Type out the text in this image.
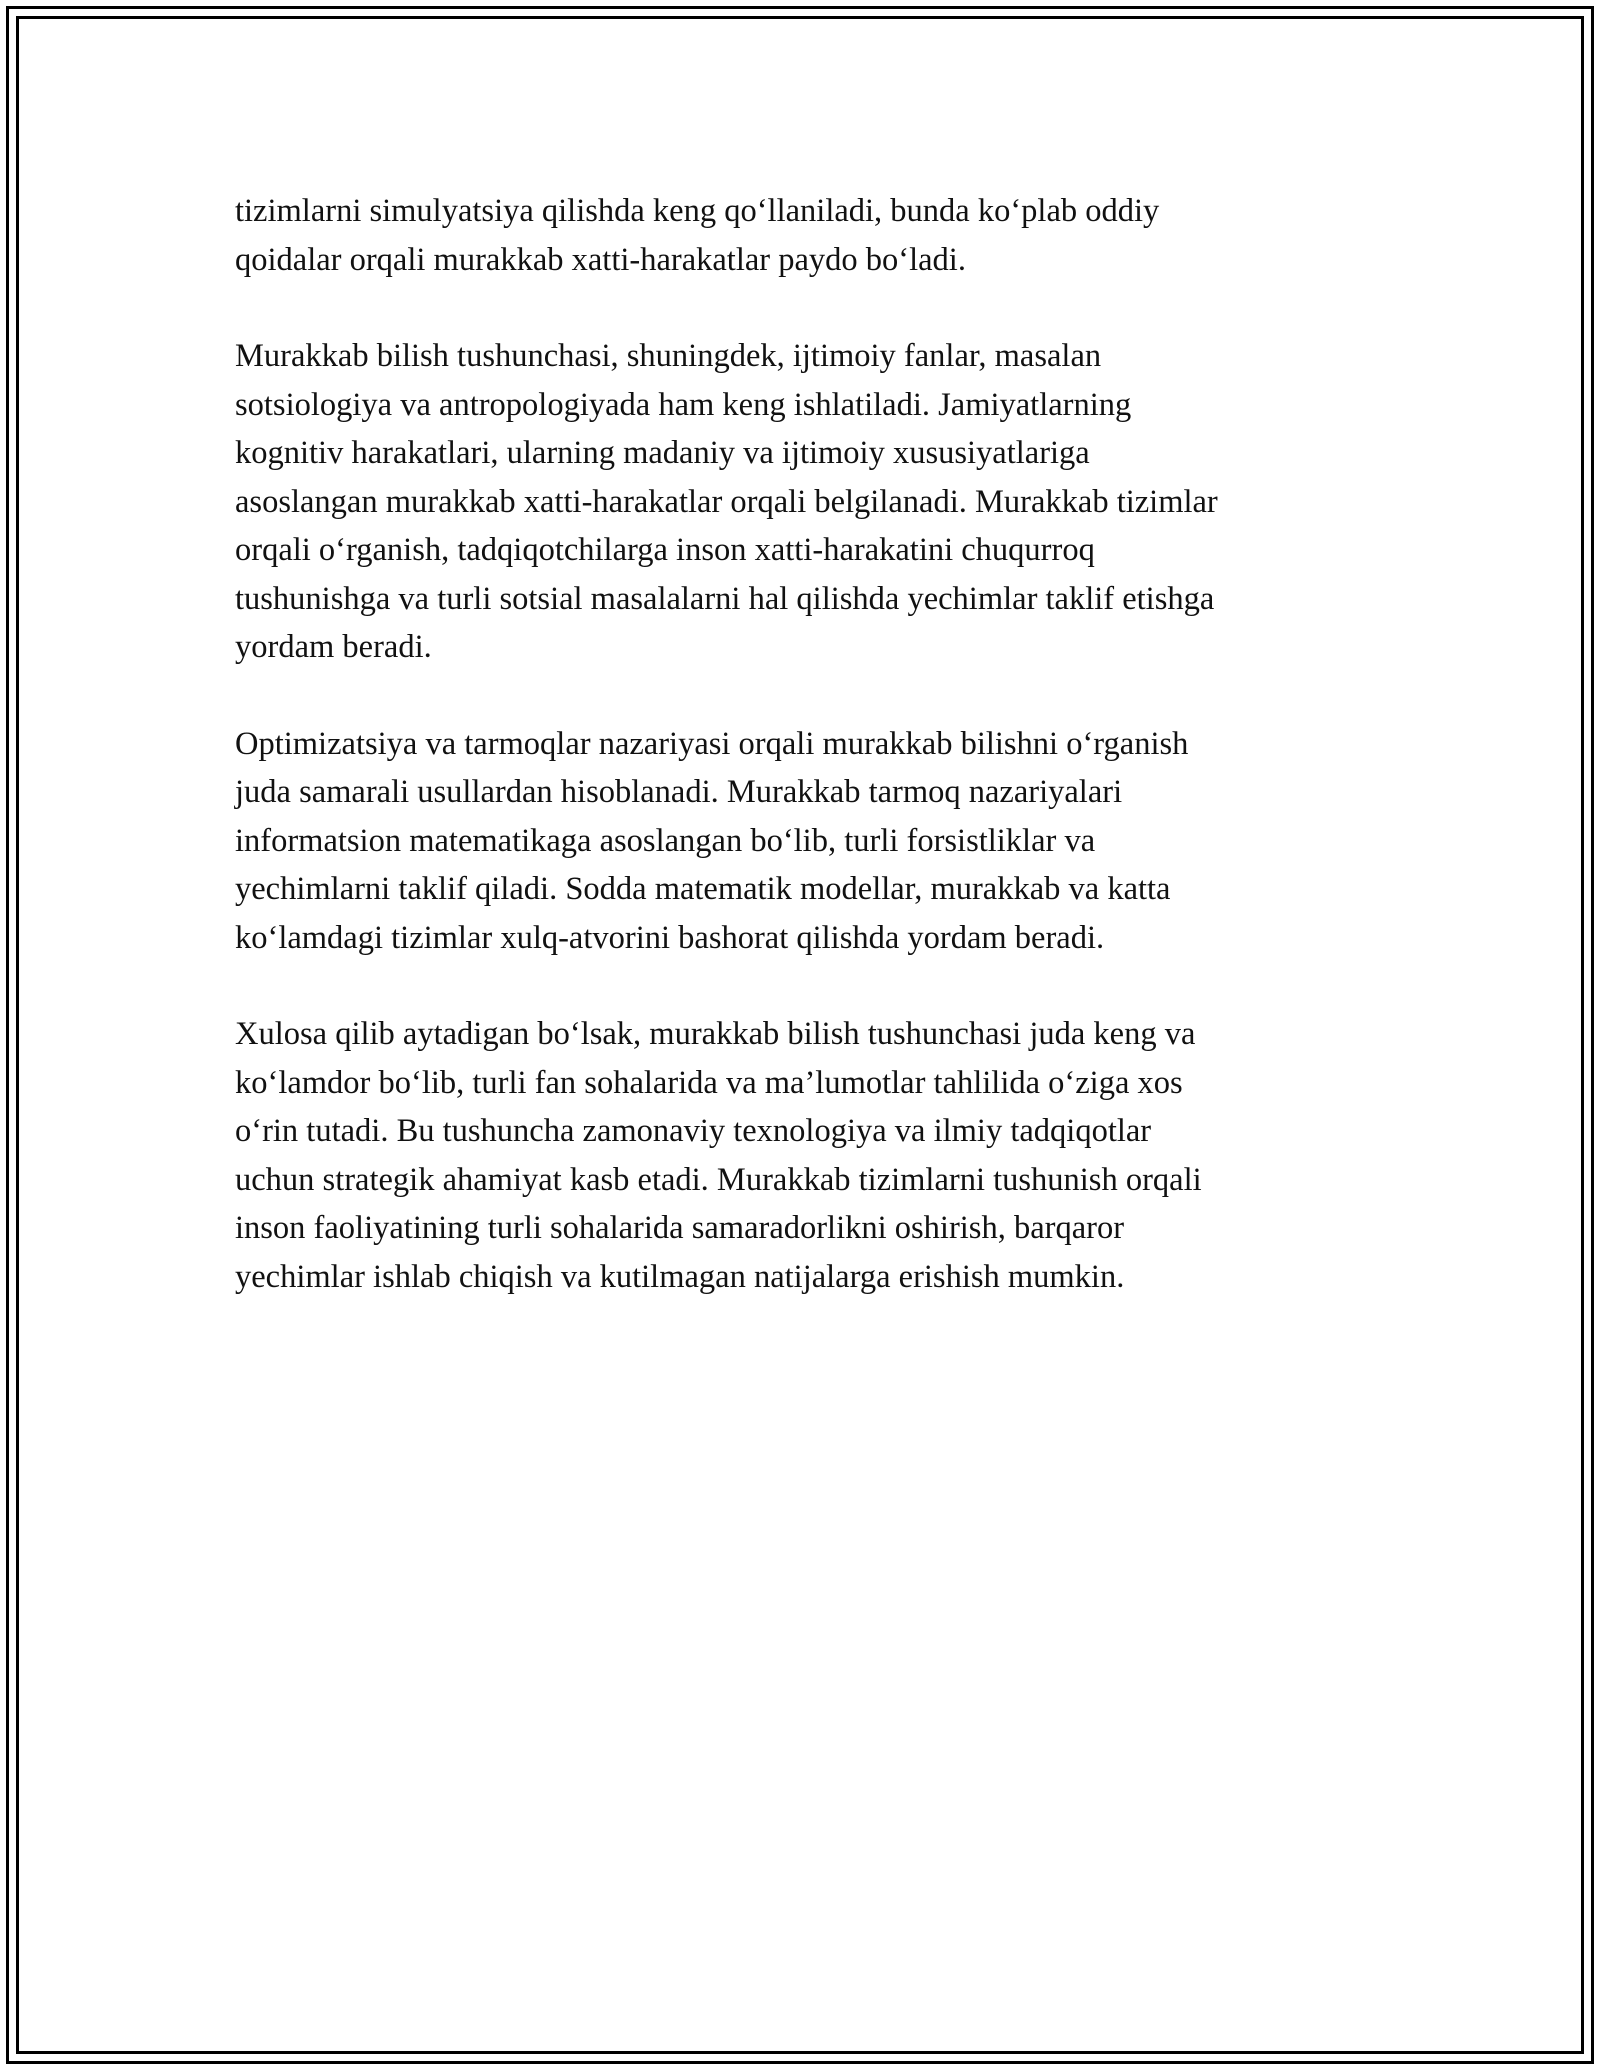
tizimlarni simulyatsiya qilishda keng qo‘llaniladi, bunda ko‘plab oddiy
qoidalar orqali murakkab xatti-harakatlar paydo bo‘ladi.

Murakkab bilish tushunchasi, shuningdek, ijtimoiy fanlar, masalan
sotsiologiya va antropologiyada ham keng ishlatiladi. Jamiyatlarning
kognitiv harakatlari, ularning madaniy va ijtimoiy xususiyatlariga
asoslangan murakkab xatti-harakatlar orqali belgilanadi. Murakkab tizimlar
orqali o‘rganish, tadqiqotchilarga inson xatti-harakatini chuqurroq
tushunishga va turli sotsial masalalarni hal qilishda yechimlar taklif etishga
yordam beradi.

Optimizatsiya va tarmoqlar nazariyasi orqali murakkab bilishni o‘rganish
juda samarali usullardan hisoblanadi. Murakkab tarmoq nazariyalari
informatsion matematikaga asoslangan bo‘lib, turli forsistliklar va
yechimlarni taklif qiladi. Sodda matematik modellar, murakkab va katta
ko‘lamdagi tizimlar xulq-atvorini bashorat qilishda yordam beradi.

Xulosa qilib aytadigan bo‘lsak, murakkab bilish tushunchasi juda keng va
ko‘lamdor bo‘lib, turli fan sohalarida va ma’lumotlar tahlilida o‘ziga xos
o‘rin tutadi. Bu tushuncha zamonaviy texnologiya va ilmiy tadqiqotlar
uchun strategik ahamiyat kasb etadi. Murakkab tizimlarni tushunish orqali
inson faoliyatining turli sohalarida samaradorlikni oshirish, barqaror
yechimlar ishlab chiqish va kutilmagan natijalarga erishish mumkin.
